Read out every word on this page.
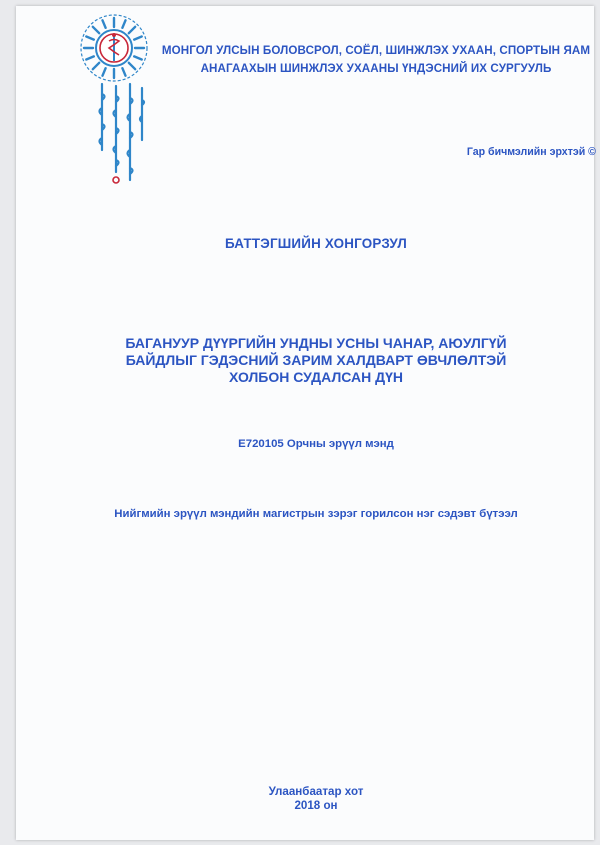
МОНГОЛ УЛСЫН БОЛОВСРОЛ, СОЁЛ, ШИНЖЛЭХ УХААН, СПОРТЫН ЯАМ

АНАГААХЫН ШИНЖЛЭХ УХААНЫ ҮНДЭСНИЙ ИХ СУРГУУЛЬ

Гар бичмэлийн эрхтэй ©

БАТТЭГШИЙН ХОНГОРЗУЛ

БАГАНУУР ДҮҮРГИЙН УНДНЫ УСНЫ ЧАНАР, АЮУЛГҮЙ

БАЙДЛЫГ ГЭДЭСНИЙ ЗАРИМ ХАЛДВАРТ ӨВЧЛӨЛТЭЙ

ХОЛБОН СУДАЛСАН ДҮН

E720105 Орчны эрүүл мэнд

Нийгмийн эрүүл мэндийн магистрын зэрэг горилсон нэг сэдэвт бүтээл

Улаанбаатар хот

2018 он
